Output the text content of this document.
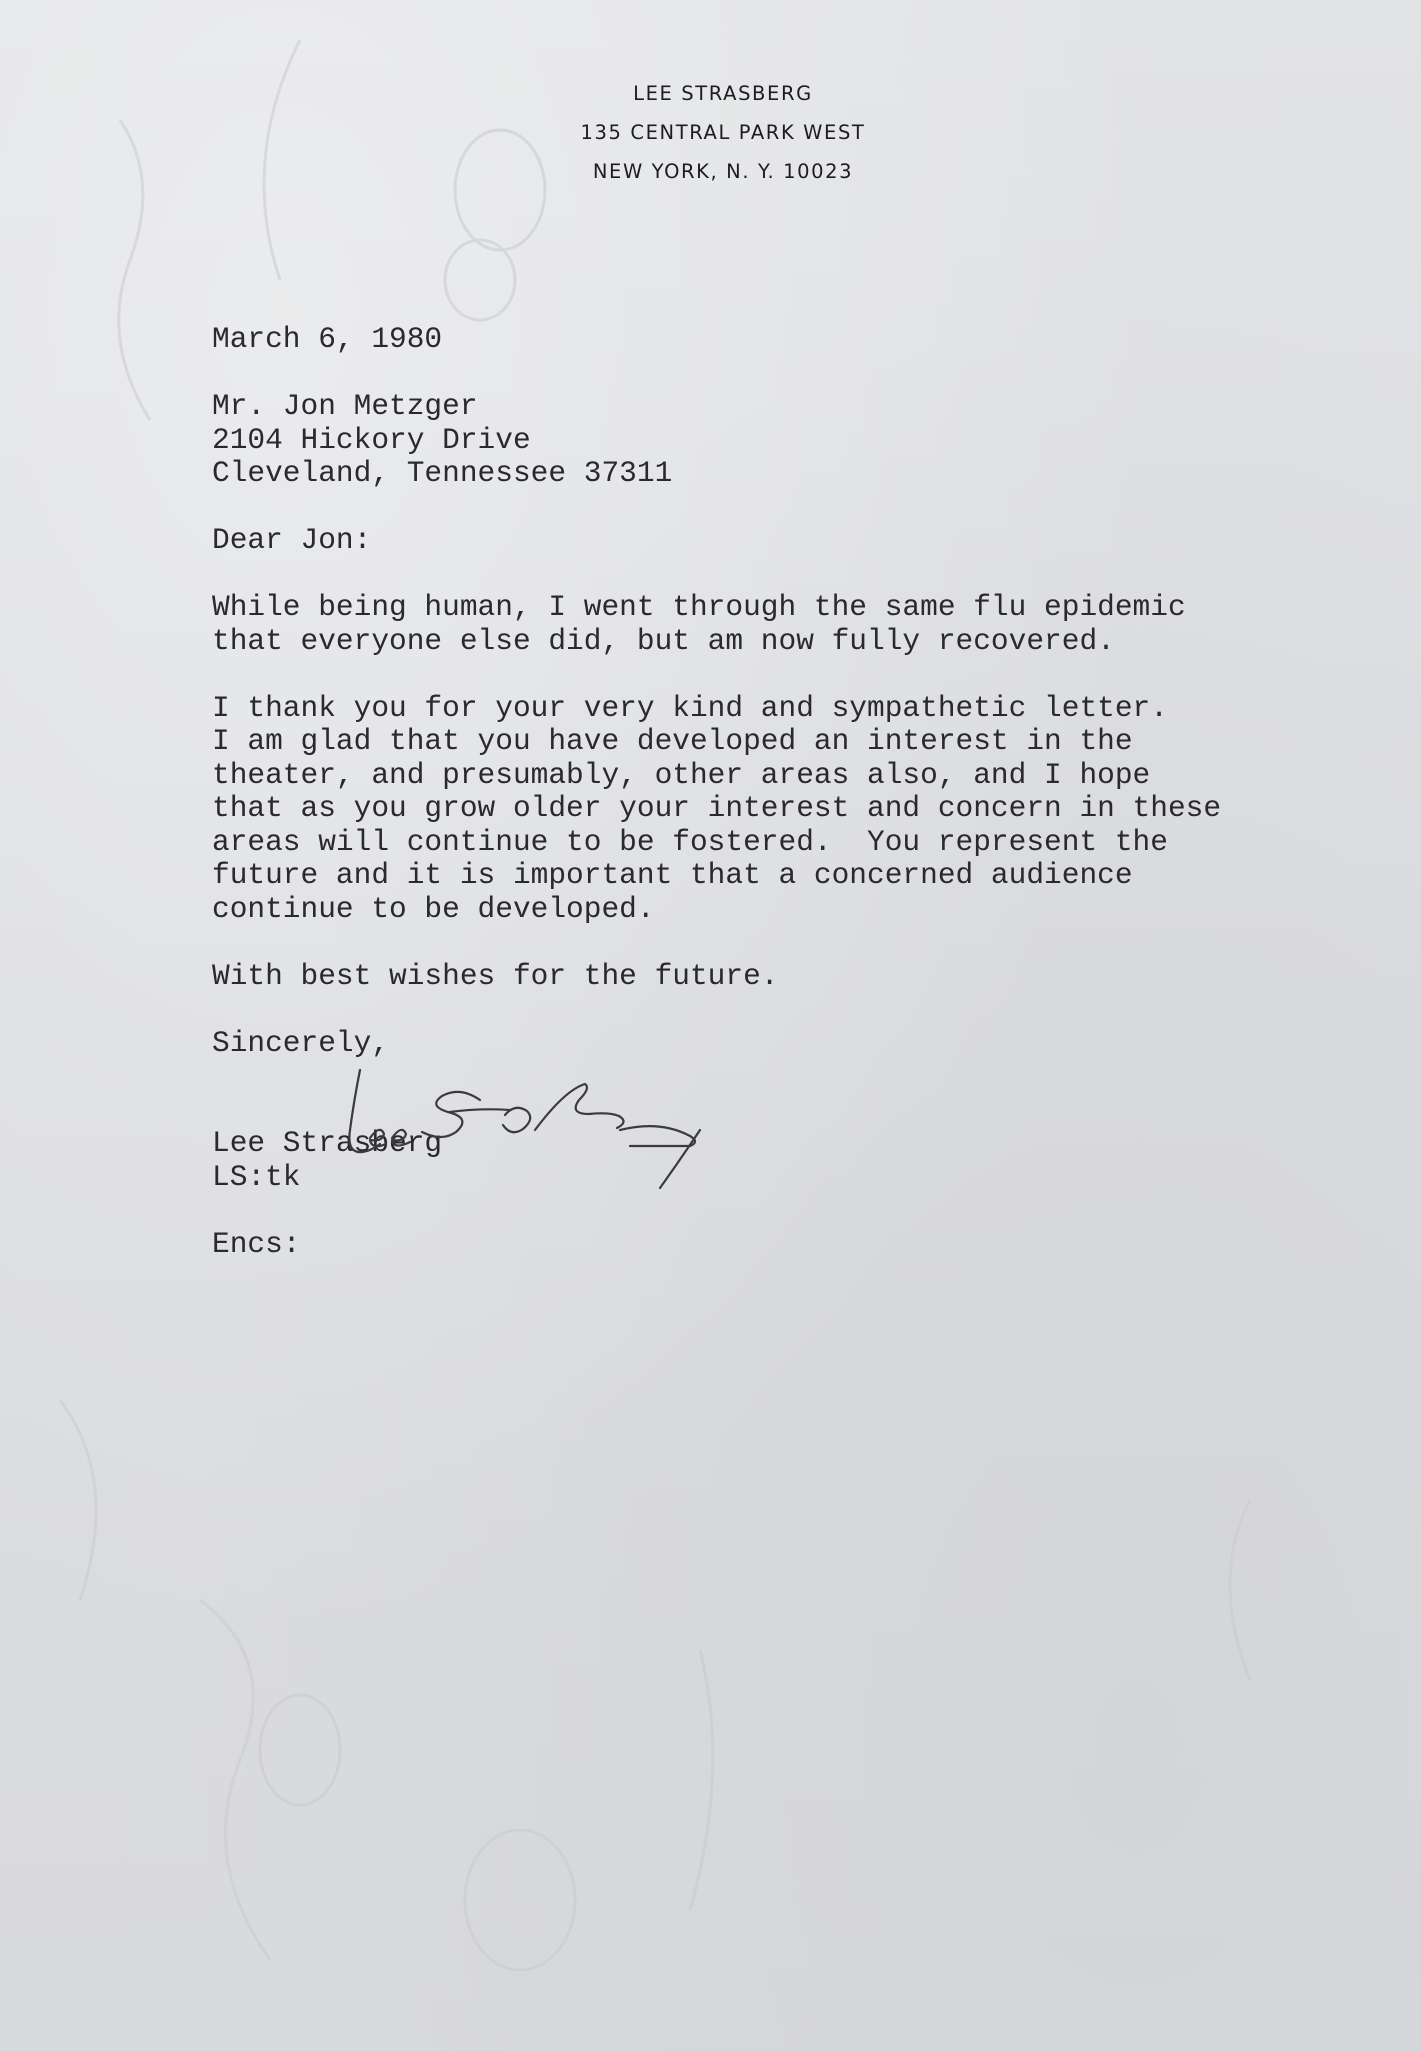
LEE STRASBERG
135 CENTRAL PARK WEST
NEW YORK, N. Y. 10023
March 6, 1980
Mr. Jon Metzger
2104 Hickory Drive
Cleveland, Tennessee 37311
Dear Jon:
While being human, I went through the same flu epidemic
that everyone else did, but am now fully recovered.
I thank you for your very kind and sympathetic letter.
I am glad that you have developed an interest in the
theater, and presumably, other areas also, and I hope
that as you grow older your interest and concern in these
areas will continue to be fostered.  You represent the
future and it is important that a concerned audience
continue to be developed.
With best wishes for the future.
Sincerely,
Lee Strasberg
LS:tk
Encs:
